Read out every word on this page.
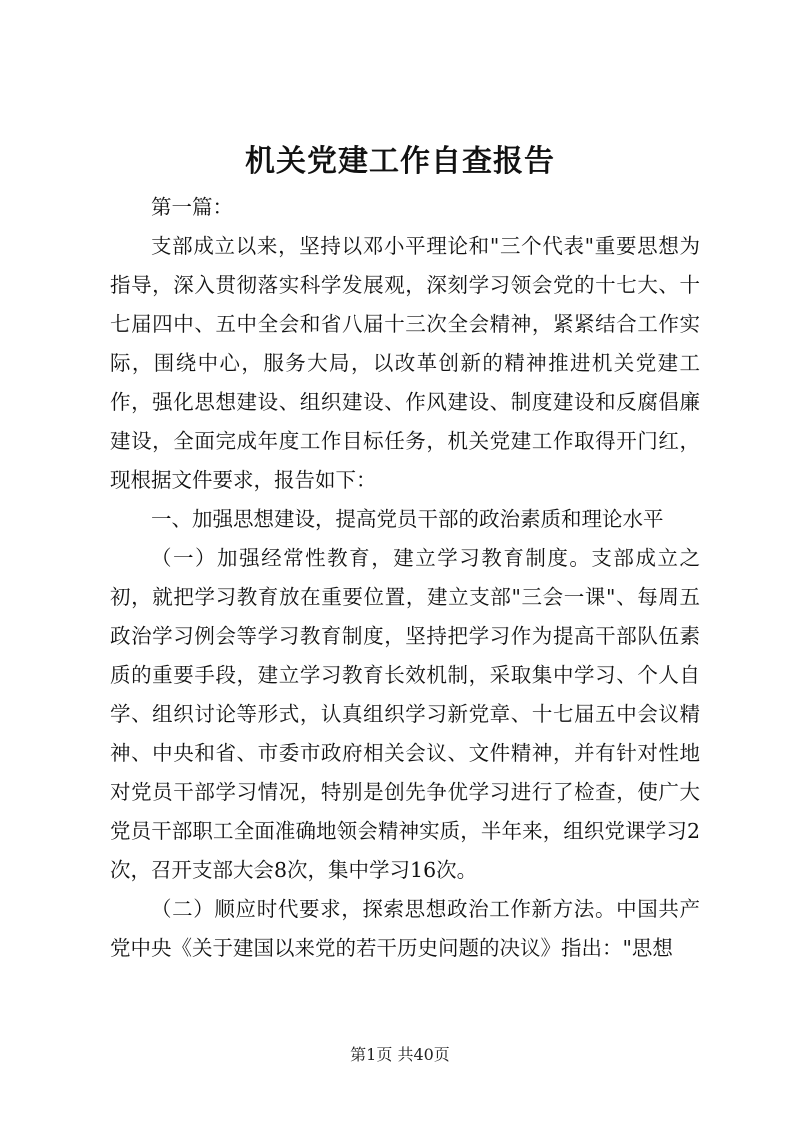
机关党建工作自查报告

第一篇：

支部成立以来，坚持以邓小平理论和"三个代表"重要思想为指导，深入贯彻落实科学发展观，深刻学习领会党的十七大、十七届四中、五中全会和省八届十三次全会精神，紧紧结合工作实际，围绕中心，服务大局，以改革创新的精神推进机关党建工作，强化思想建设、组织建设、作风建设、制度建设和反腐倡廉建设，全面完成年度工作目标任务，机关党建工作取得开门红，现根据文件要求，报告如下：

一、加强思想建设，提高党员干部的政治素质和理论水平

（一）加强经常性教育，建立学习教育制度。支部成立之初，就把学习教育放在重要位置，建立支部"三会一课"、每周五政治学习例会等学习教育制度，坚持把学习作为提高干部队伍素质的重要手段，建立学习教育长效机制，采取集中学习、个人自学、组织讨论等形式，认真组织学习新党章、十七届五中会议精神、中央和省、市委市政府相关会议、文件精神，并有针对性地对党员干部学习情况，特别是创先争优学习进行了检查，使广大党员干部职工全面准确地领会精神实质，半年来，组织党课学习2次，召开支部大会8次，集中学习16次。

（二）顺应时代要求，探索思想政治工作新方法。中国共产党中央《关于建国以来党的若干历史问题的决议》指出："思想

第1页 共40页
